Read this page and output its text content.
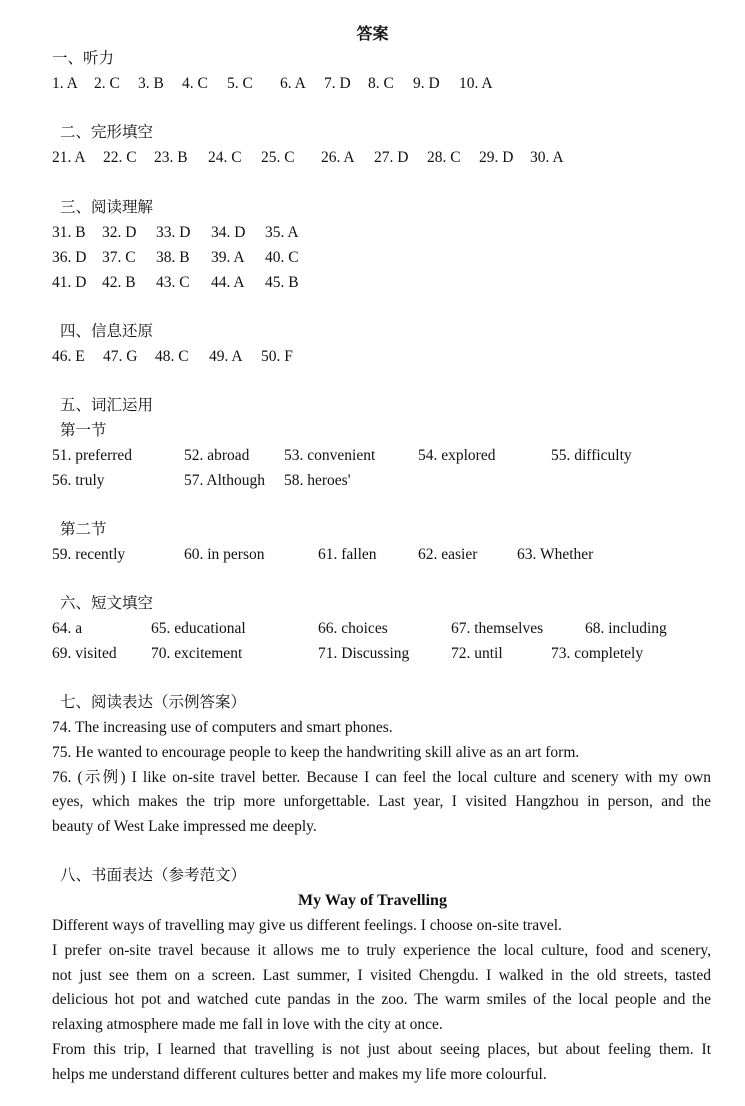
答案
一、听力
1. A 2. C 3. B 4. C 5. C 6. A 7. D 8. C 9. D 10. A
二、完形填空
21. A 22. C 23. B 24. C 25. C 26. A 27. D 28. C 29. D 30. A
三、阅读理解
31. B 32. D 33. D 34. D 35. A
36. D 37. C 38. B 39. A 40. C
41. D 42. B 43. C 44. A 45. B
四、信息还原
46. E 47. G 48. C 49. A 50. F
五、词汇运用
第一节
51. preferred	52. abroad 53. convenient	54. explored	55. difficulty
56. truly	57. Although 58. heroes'
第二节
59. recently	60. in person	61. fallen	62. easier	63. Whether
六、短文填空
64. a	65. educational	66. choices	67. themselves	68. including
69. visited 70. excitement	71. Discussing	72. until	73. completely
七、阅读表达（示例答案）
74. The increasing use of computers and smart phones.
75. He wanted to encourage people to keep the handwriting skill alive as an art form.
76. (示例) I like on-site travel better. Because I can feel the local culture and scenery with my own
eyes, which makes the trip more unforgettable. Last year, I visited Hangzhou in person, and the
beauty of West Lake impressed me deeply.
八、书面表达（参考范文）
My Way of Travelling
Different ways of travelling may give us different feelings. I choose on-site travel.
I prefer on-site travel because it allows me to truly experience the local culture, food and scenery,
not just see them on a screen. Last summer, I visited Chengdu. I walked in the old streets, tasted
delicious hot pot and watched cute pandas in the zoo. The warm smiles of the local people and the
relaxing atmosphere made me fall in love with the city at once.
From this trip, I learned that travelling is not just about seeing places, but about feeling them. It
helps me understand different cultures better and makes my life more colourful.
